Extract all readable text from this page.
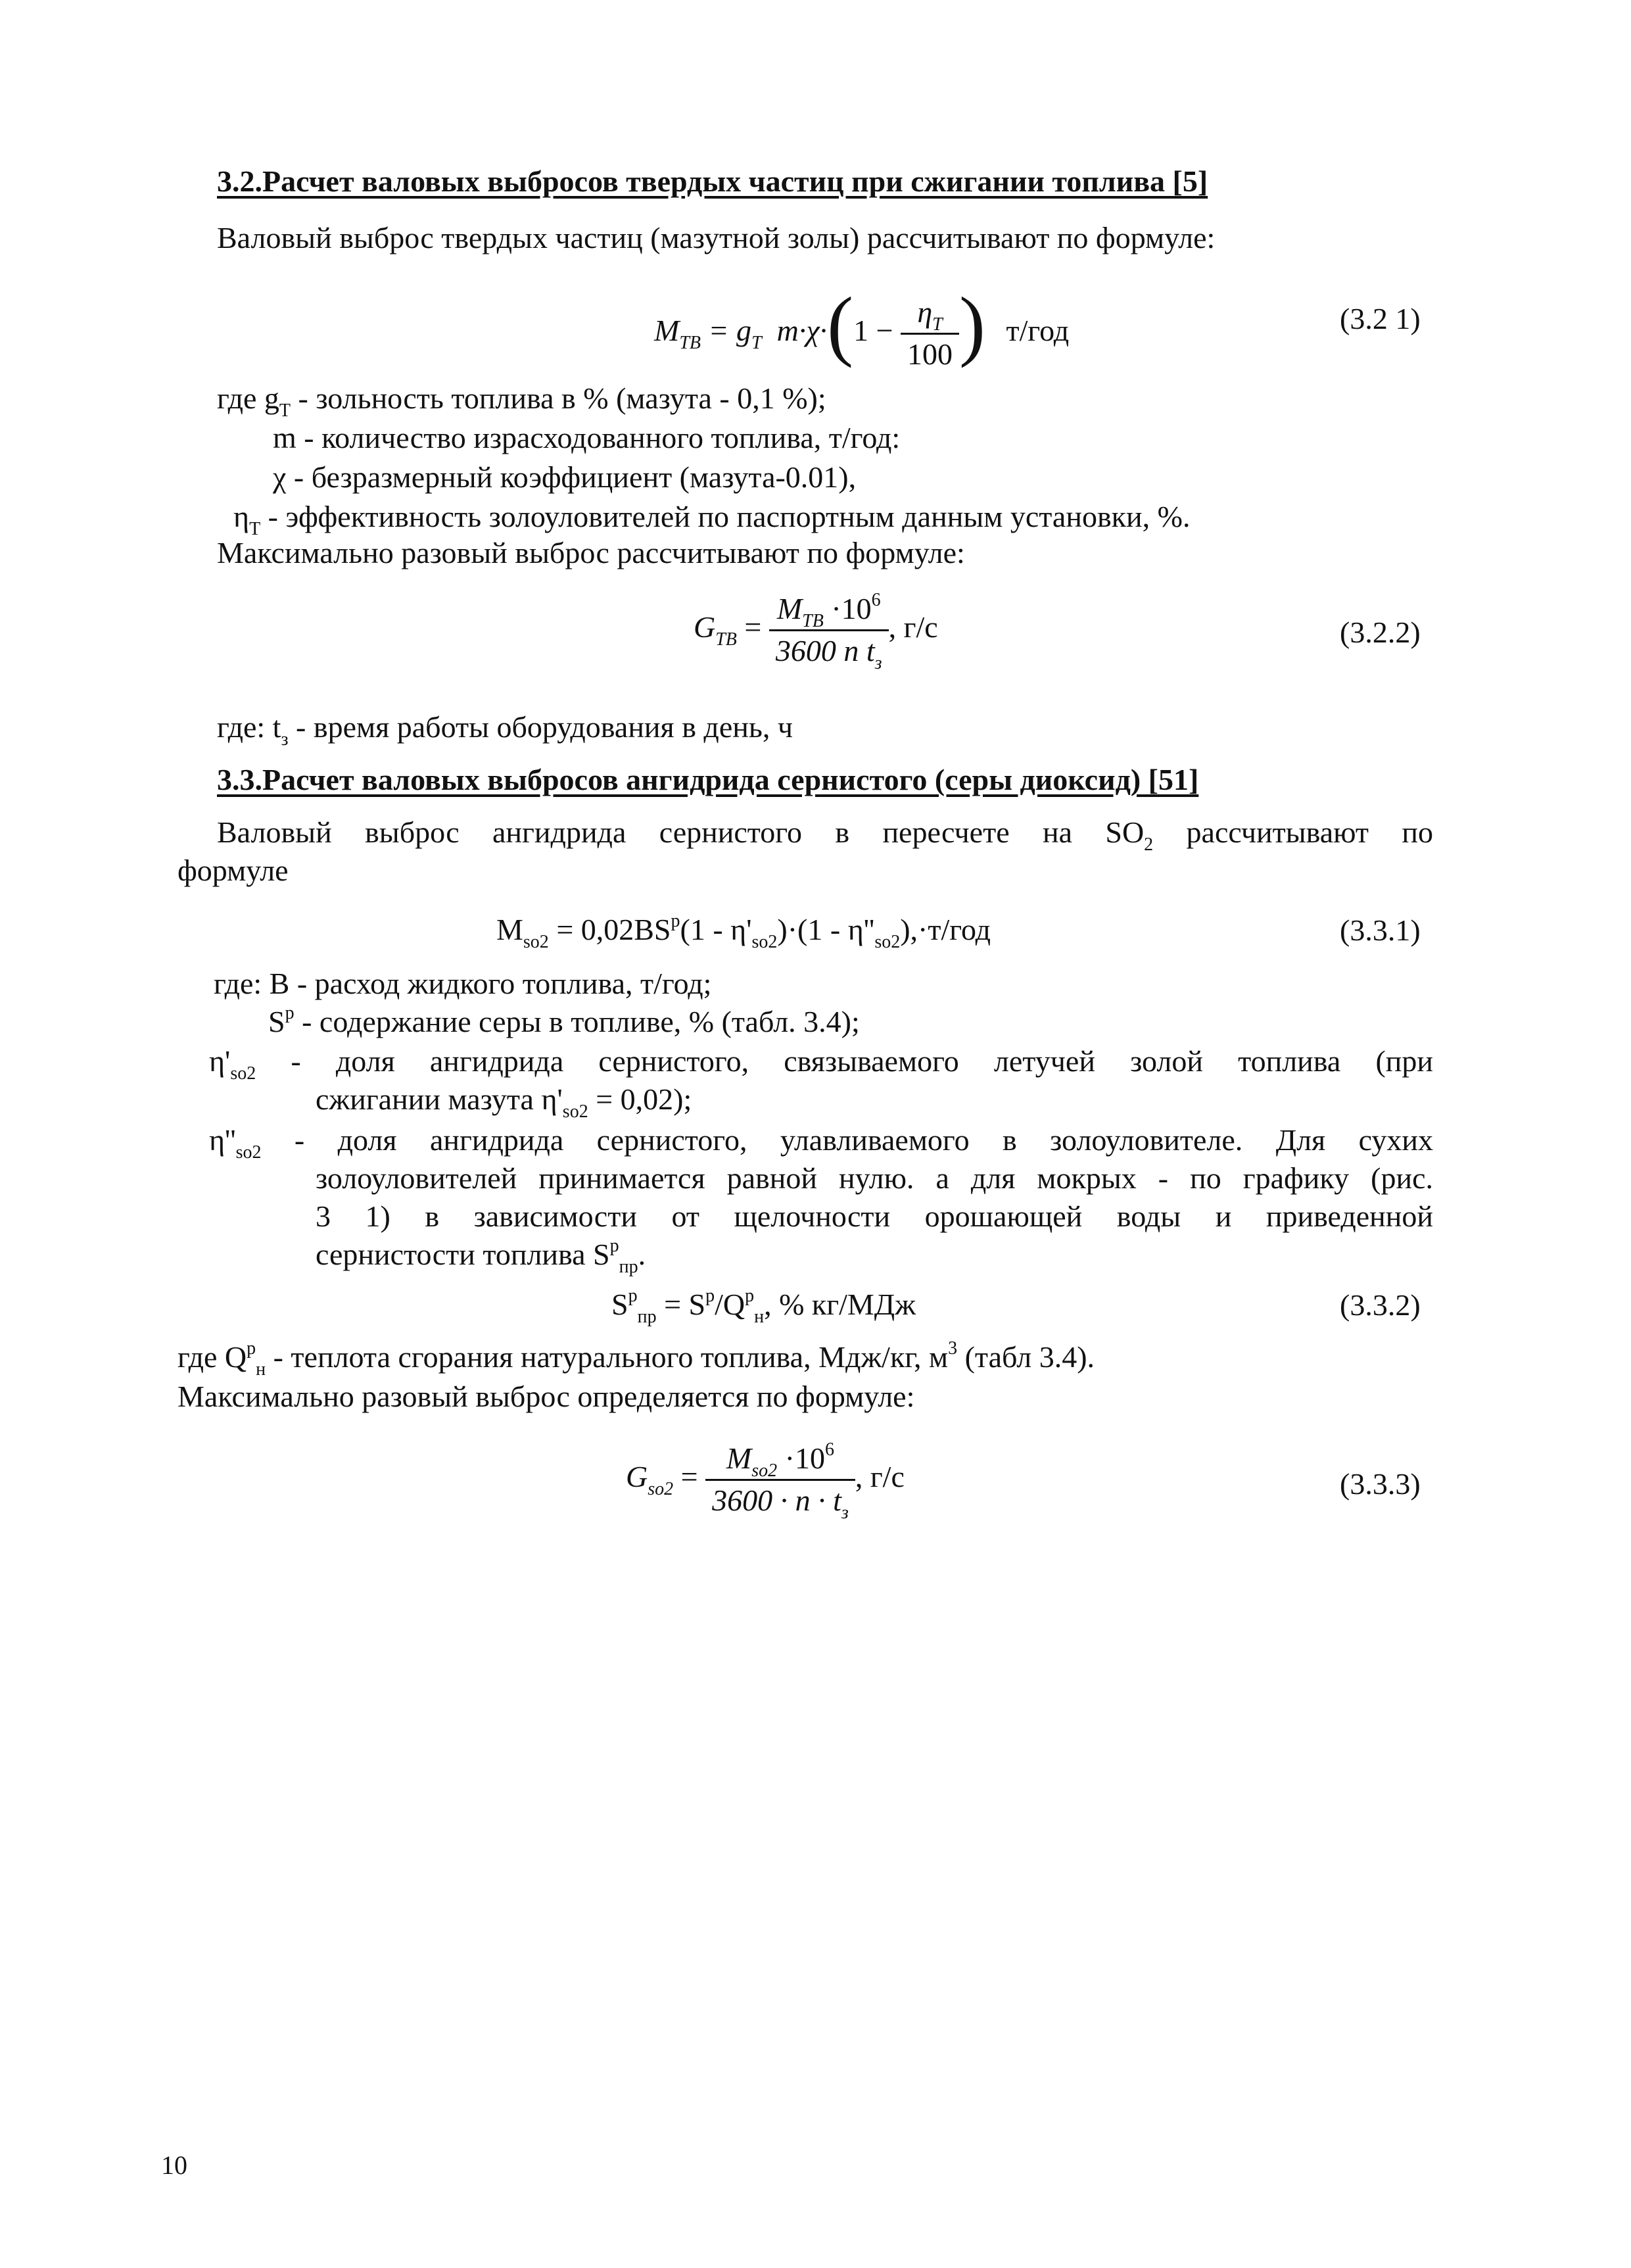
3.2.Расчет валовых выбросов твердых частиц при сжигании топлива [5]
Валовый выброс твердых частиц (мазутной золы) рассчитывают по формуле:
$M_{ТВ} = g_T$ $m\cdot\chi\cdot(1 - \frac{\eta_T}{100}$ ) т/год	(3.2 1)
где $g_T$ - зольность топлива в % (мазута - 0,1 %);
m - количество израсходованного топлива, т/год:
χ - безразмерный коэффициент (мазута-0.01),
$\eta_T$ - эффективность золоуловителей по паспортным данным установки, %.
Максимально разовый выброс рассчитывают по формуле:
$G_{ТВ} = \frac{M_{ТВ} \cdot 10^6}{3600 n t_з}$ , г/с	(3.2.2)
где: $t_з$ - время работы оборудования в день, ч
3.3.Расчет валовых выбросов ангидрида сернистого (серы диоксид) [51]
Валовый выброс ангидрида сернистого в пересчете на $SO_2$ рассчитывают по
формуле
$M_{so2} = 0,02BS^p(1 - \eta'_{so2})\cdot(1 - \eta''_{so2}),\cdot т/год$	(3.3.1)
где: B - расход жидкого топлива, т/год;
$S^p$ - содержание серы в топливе, % (табл. 3.4);
$\eta'_{so2}$ - доля ангидрида сернистого, связываемого летучей золой топлива (при
сжигании мазута $\eta'_{so2} = 0,02$);
$\eta''_{so2}$ - доля ангидрида сернистого, улавливаемого в золоуловителе. Для сухих
золоуловителей принимается равной нулю. а для мокрых - по графику (рис.
3 1) в зависимости от щелочности орошающей воды и приведенной
сернистости топлива $S^p_{пр}$.
$S^p_{пр} = S^p/Q^p_н$, % кг/МДж	(3.3.2)
где $Q^p_н$ - теплота сгорания натурального топлива, Мдж/кг, $м^3$ (табл 3.4).
Максимально разовый выброс определяется по формуле:
$G_{so2} = \frac{M_{so2} \cdot 10^6}{3600 \cdot n \cdot t_з}$ , г/с	(3.3.3)
10
